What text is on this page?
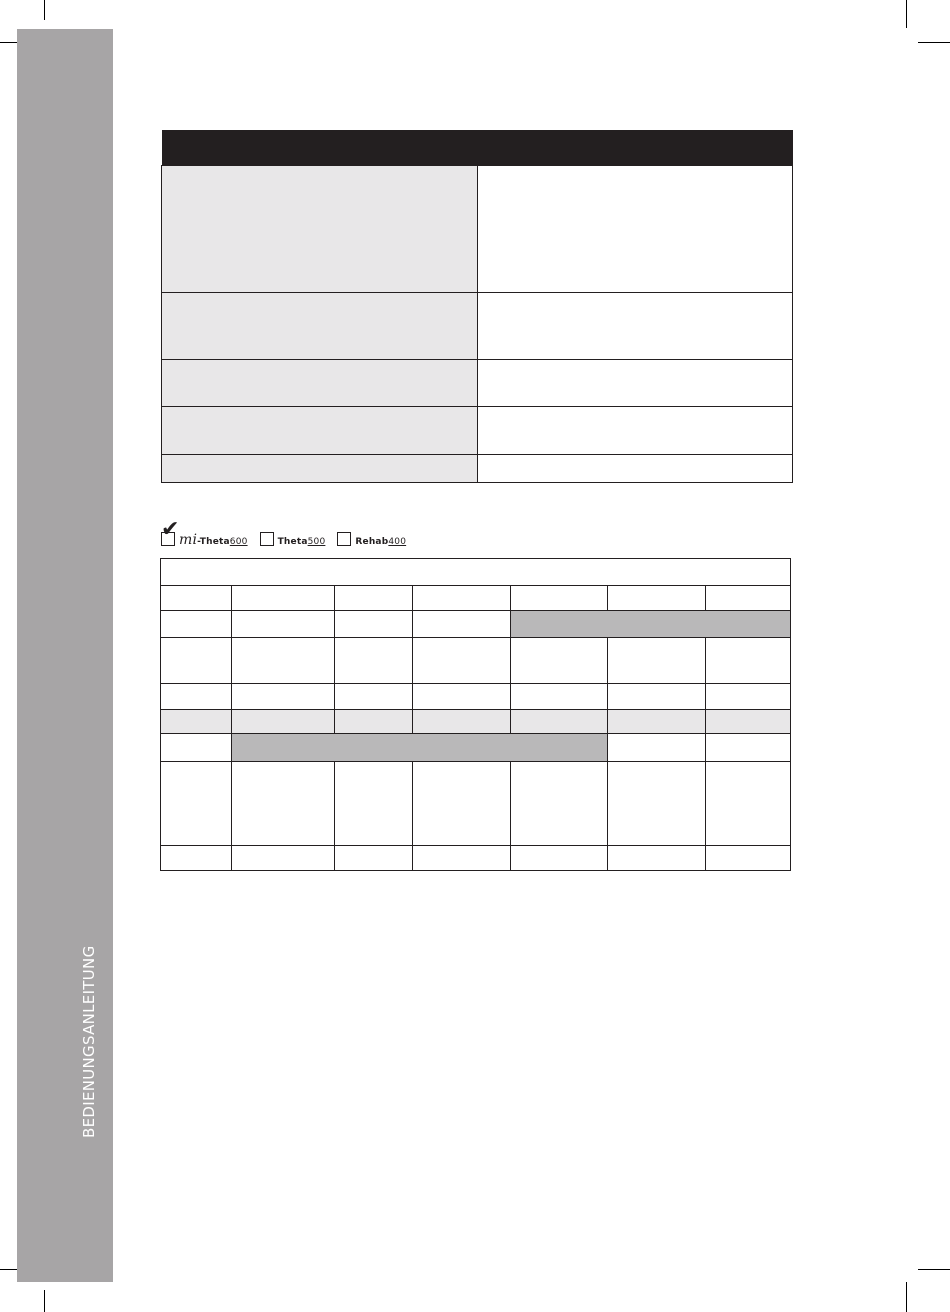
BEDIENUNGSANLEITUNG

✔ mi-Theta600	Theta500	Rehab400
